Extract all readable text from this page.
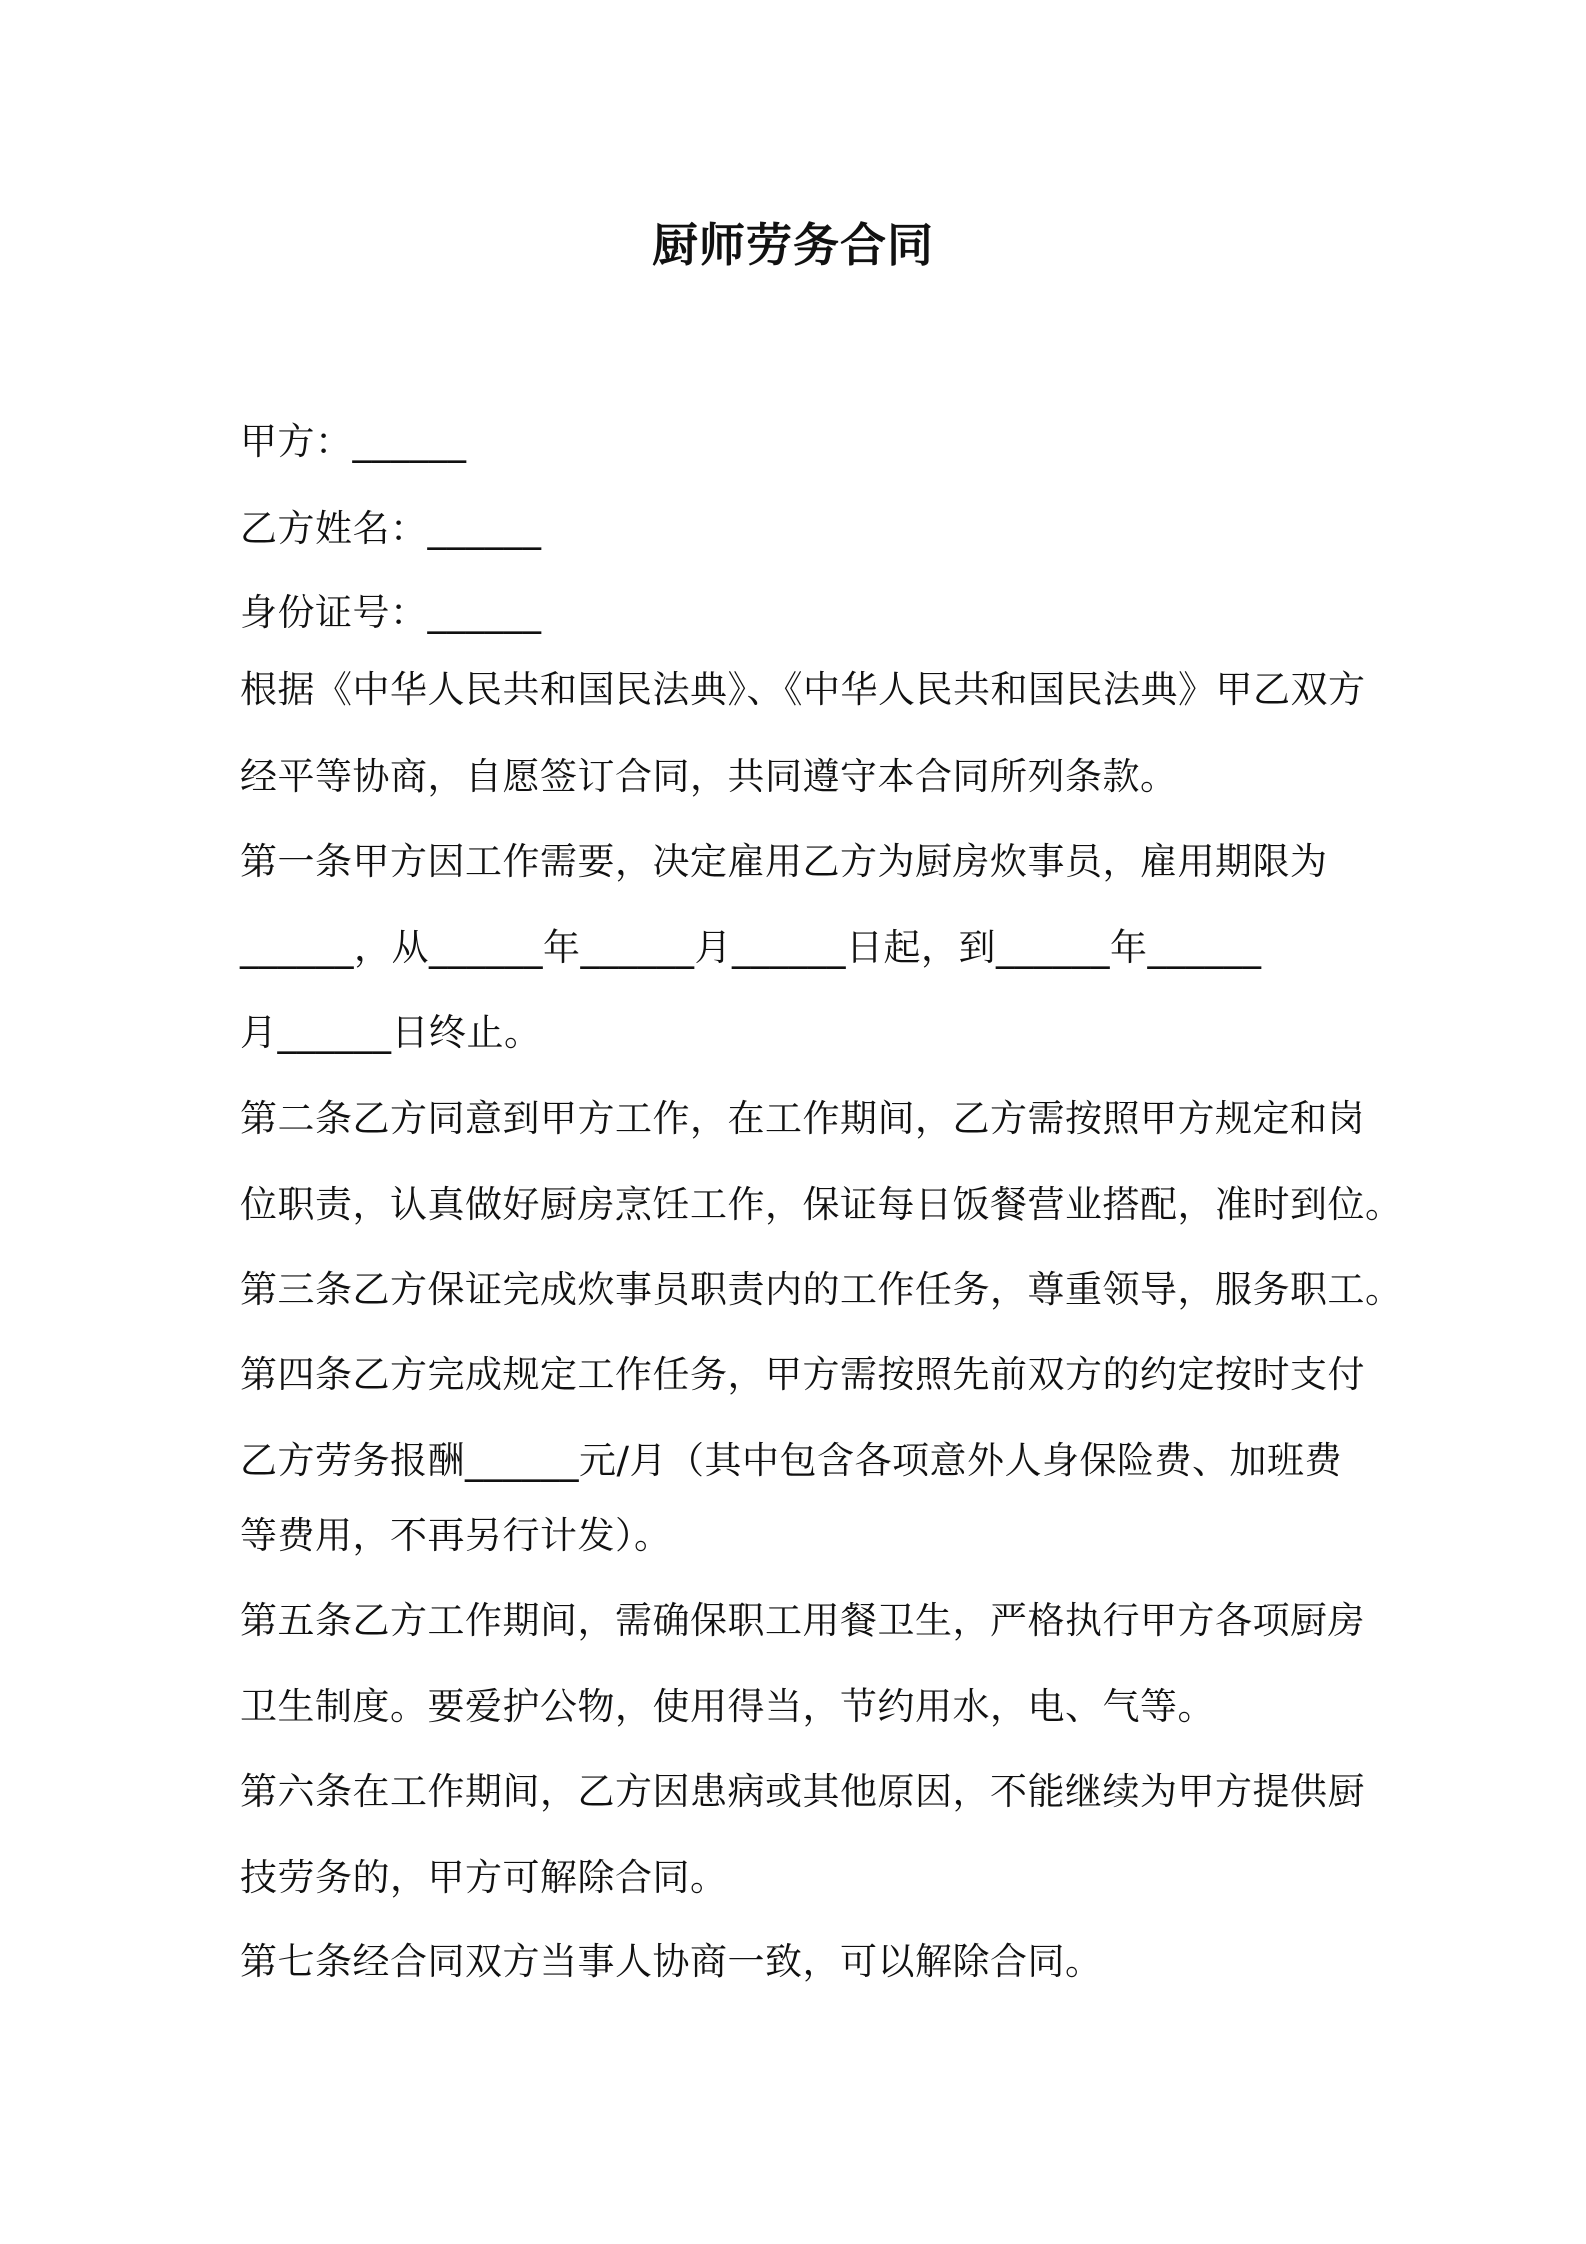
厨师劳务合同
甲方：______
乙方姓名：______
身份证号：______
根据《中华人民共和国民法典》、《中华人民共和国民法典》甲乙双方
经平等协商，自愿签订合同，共同遵守本合同所列条款。
第一条甲方因工作需要，决定雇用乙方为厨房炊事员，雇用期限为
______，从______年______月______日起，到______年______
月______日终止。
第二条乙方同意到甲方工作，在工作期间，乙方需按照甲方规定和岗
位职责，认真做好厨房烹饪工作，保证每日饭餐营业搭配，准时到位。
第三条乙方保证完成炊事员职责内的工作任务，尊重领导，服务职工。
第四条乙方完成规定工作任务，甲方需按照先前双方的约定按时支付
乙方劳务报酬______元/月（其中包含各项意外人身保险费、加班费
等费用，不再另行计发）。
第五条乙方工作期间，需确保职工用餐卫生，严格执行甲方各项厨房
卫生制度。要爱护公物，使用得当，节约用水，电、气等。
第六条在工作期间，乙方因患病或其他原因，不能继续为甲方提供厨
技劳务的，甲方可解除合同。
第七条经合同双方当事人协商一致，可以解除合同。
